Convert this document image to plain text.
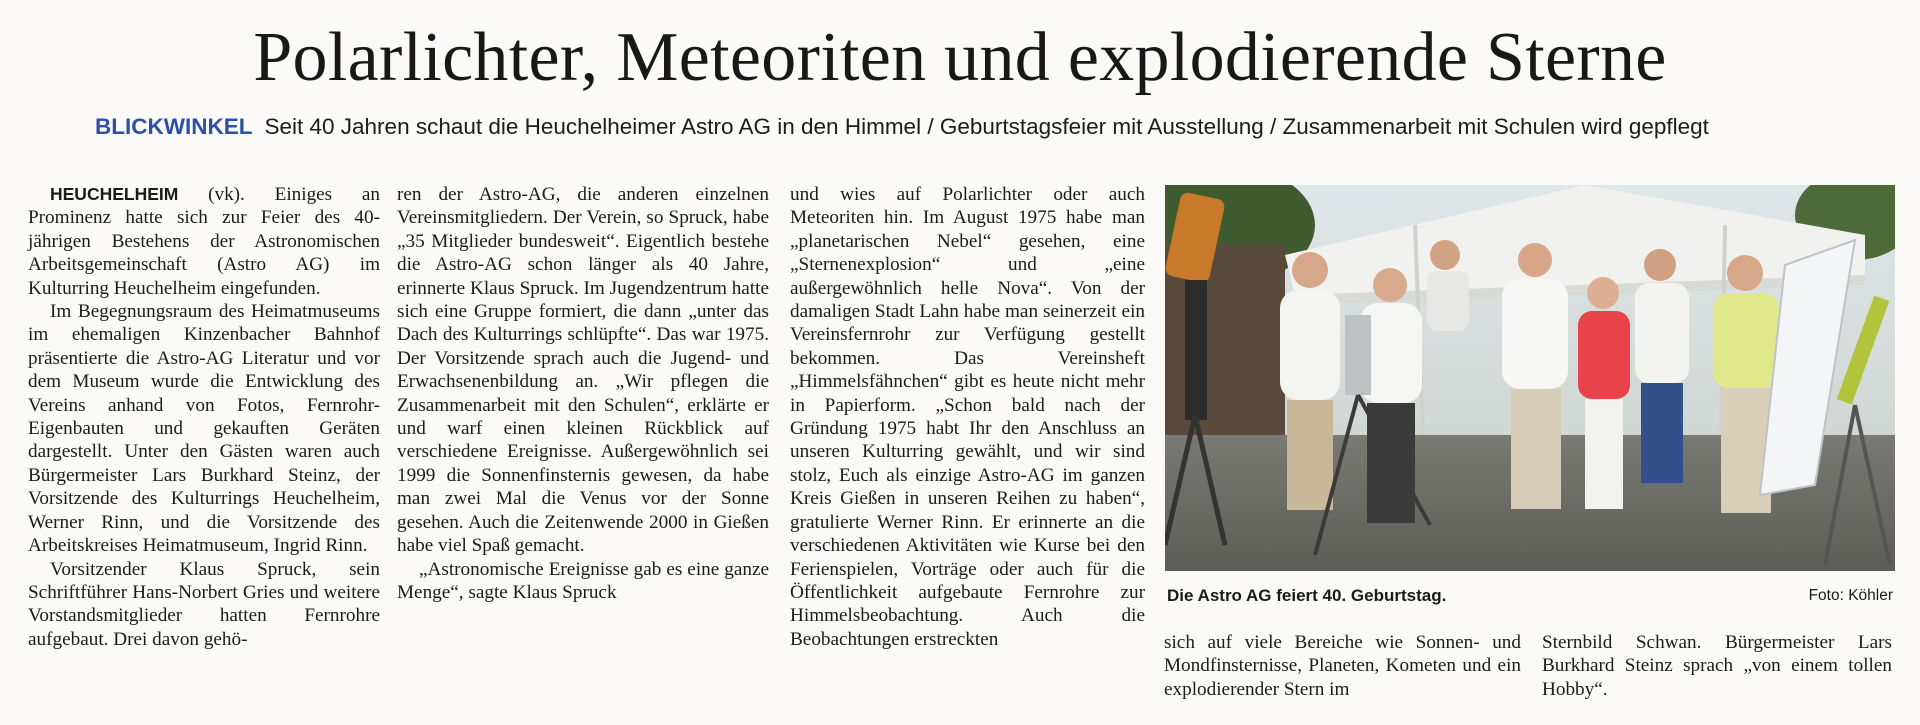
Polarlichter, Meteoriten und explodierende Sterne
BLICKWINKEL Seit 40 Jahren schaut die Heuchelheimer Astro AG in den Himmel / Geburtstagsfeier mit Ausstellung / Zusammenarbeit mit Schulen wird gepflegt

HEUCHELHEIM (vk). Einiges an Prominenz hatte sich zur Feier des 40-jährigen Bestehens der Astronomischen Arbeitsgemeinschaft (Astro AG) im Kulturring Heuchelheim eingefunden.

Im Begegnungsraum des Heimatmuseums im ehemaligen Kinzenbacher Bahnhof präsentierte die Astro-AG Literatur und vor dem Museum wurde die Entwicklung des Vereins anhand von Fotos, Fernrohr-Eigenbauten und gekauften Geräten dargestellt. Unter den Gästen waren auch Bürgermeister Lars Burkhard Steinz, der Vorsitzende des Kulturrings Heuchelheim, Werner Rinn, und die Vorsitzende des Arbeitskreises Heimatmuseum, Ingrid Rinn.

Vorsitzender Klaus Spruck, sein Schriftführer Hans-Norbert Gries und weitere Vorstandsmitglieder hatten Fernrohre aufgebaut. Drei davon gehö-

ren der Astro-AG, die anderen einzelnen Vereinsmitgliedern. Der Verein, so Spruck, habe „35 Mitglieder bundesweit“. Eigentlich bestehe die Astro-AG schon länger als 40 Jahre, erinnerte Klaus Spruck. Im Jugendzentrum hatte sich eine Gruppe formiert, die dann „unter das Dach des Kulturrings schlüpfte“. Das war 1975. Der Vorsitzende sprach auch die Jugend- und Erwachsenenbildung an. „Wir pflegen die Zusammenarbeit mit den Schulen“, erklärte er und warf einen kleinen Rückblick auf verschiedene Ereignisse. Außergewöhnlich sei 1999 die Sonnenfinsternis gewesen, da habe man zwei Mal die Venus vor der Sonne gesehen. Auch die Zeitenwende 2000 in Gießen habe viel Spaß gemacht.

„Astronomische Ereignisse gab es eine ganze Menge“, sagte Klaus Spruck

und wies auf Polarlichter oder auch Meteoriten hin. Im August 1975 habe man „planetarischen Nebel“ gesehen, eine „Sternenexplosion“ und „eine außergewöhnlich helle Nova“. Von der damaligen Stadt Lahn habe man seinerzeit ein Vereinsfernrohr zur Verfügung gestellt bekommen. Das Vereinsheft „Himmelsfähnchen“ gibt es heute nicht mehr in Papierform. „Schon bald nach der Gründung 1975 habt Ihr den Anschluss an unseren Kulturring gewählt, und wir sind stolz, Euch als einzige Astro-AG im ganzen Kreis Gießen in unseren Reihen zu haben“, gratulierte Werner Rinn. Er erinnerte an die verschiedenen Aktivitäten wie Kurse bei den Ferienspielen, Vorträge oder auch für die Öffentlichkeit aufgebaute Fernrohre zur Himmelsbeobachtung. Auch die Beobachtungen erstreckten

Die Astro AG feiert 40. Geburtstag.	Foto: Köhler

sich auf viele Bereiche wie Sonnen- und Mondfinsternisse, Planeten, Kometen und ein explodierender Stern im

Sternbild Schwan. Bürgermeister Lars Burkhard Steinz sprach „von einem tollen Hobby“.
